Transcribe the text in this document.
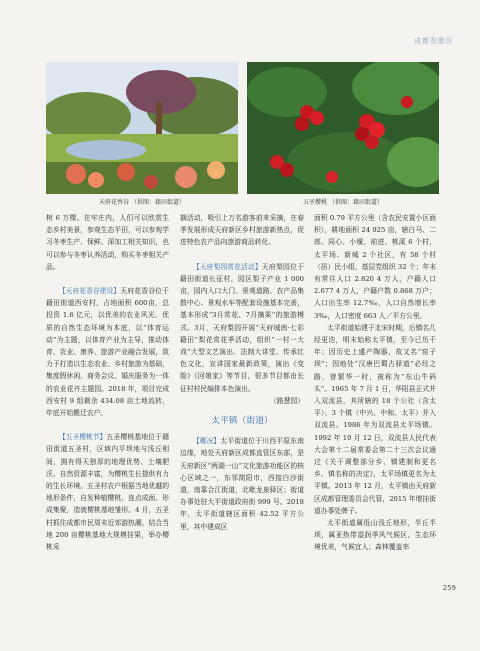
成都览胜区
天府花香谷 （供图：籍田街道）	五圣樱桃 （供图：籍田街道）

树 6 万棵。在牢庄内，人们可以欣赏生态乡村美景，参观生态平田，可以参观学习冬枣生产、保鲜、深加工相关知识，也可以参与冬枣认养活动，购买冬枣相关产品。

【天府花香谷建设】天府花香谷位于籍田街道西安村，占地面积 600亩，总投资 1.6 亿元，以优美的农业风光、优质的自然生态环境为本底，以“体育运动”为主题，以体育产业为主导，推动体育、农业、康养、旅游产业融合发展，致力于打造以生态农业、乡村旅游为基础，集度假休闲、商务会议、婚庆服务为一体的农业花卉主题园。2018 年，项目完成西安村 9 组剩余 434.08 亩土地流转，年底开始搬迁农户。

【五圣樱桃节】五圣樱桃基地位于籍田街道五圣村，区域内平坝地与浅丘相间，拥有得天独厚的地理优势、土壤肥沃、自然资源丰富，为樱桃生长提供有力的生长环境。五圣村农户根据当地优越的地形条件，自发种植樱桃，连点成面、形成集聚，造就樱桃基地雏形。4 月，五圣村抓住成都市民周末近郊游热潮，结合当地 200 亩樱桃基地大规模挂果，举办樱桃采

摘活动，吸引上万名游客前来采摘，在春季发展形成天府新区乡村旅游新热点，促进特色农产品向旅游商品转化。

【天府梨园赏花活动】天府梨园位于籍田街道长征村，园区梨子产业 1 000 亩，园内入口大门、景观道路、农产品集散中心、景观水车等配套设施基本完善，基本形成“3月赏花、7月摘果”的旅游模式。3月，天府梨园开展“天府城南·七彩籍田”梨花赏花季活动，组织“一村一大戏”大型文艺演出、法制大讲堂、传承红色文化，宣讲国家最新政策，演出《变脸》《回娘家》等节目，很多节目都由长征村村民编排本色演出。

（路慧园）

太平镇（街道）

【概况】太平街道位于川西平原东南边缘，地处天府新区成都直管区东部，是天府新区“两湖一山”文化旅游功能区的核心区域之一，东邻简阳市，西接白沙街道，南靠合江街道，北毗龙泉驿区；街道办事处驻大平街道政府街 999 号。2018 年，太平街道辖区面积 42.52 平方公里，其中建成区

面积 0.79 平方公里（含农民安置小区面积），耕地面积 24 925 亩，辖白马、二郎、同心、小堰、前进、桃溪 6 个村，太平场、新城 2 个社区，有 58 个村（居）民小组，基层党组织 32 个；年末有常住人口 2.820 4 万人，户籍人口 2.677 4 万人，户籍户数 0.868 万户；人口出生率 12.7‰，人口自然增长率 3‰，人口密度 663 人／平方公里。

太平街道始建于北宋时期，后镇名几经更迭，明末始称太平镇，至今已历千年；因历史上盛产陶器，故又名“窑子坝”；因地处“汉唐巴蜀古驿道”必经之路，曾繁华一时，被称为“东山牛码头”。1965 年 7 月 1 日，华阳县正式并入双流县，其所辖的 18 个公社（含太平）、3 个镇（中兴、中和、太平）并入双流县。1986 年为双流县太平场镇。1992 年 10 月 12 日，双流县人民代表大会第十二届常委会第二十三次会议通过《关于调整部分乡、镇建制和更名乡、镇名称的决定》，太平场镇更名为太平镇。2013 年 12 月，太平镇由天府新区成都管理委员会代管，2015 年增挂街道办事处牌子。

太平街道属低山浅丘地形，半丘半坝，属亚热带湿润季风气候区，生态环境优美，气候宜人；森林覆盖率

259
